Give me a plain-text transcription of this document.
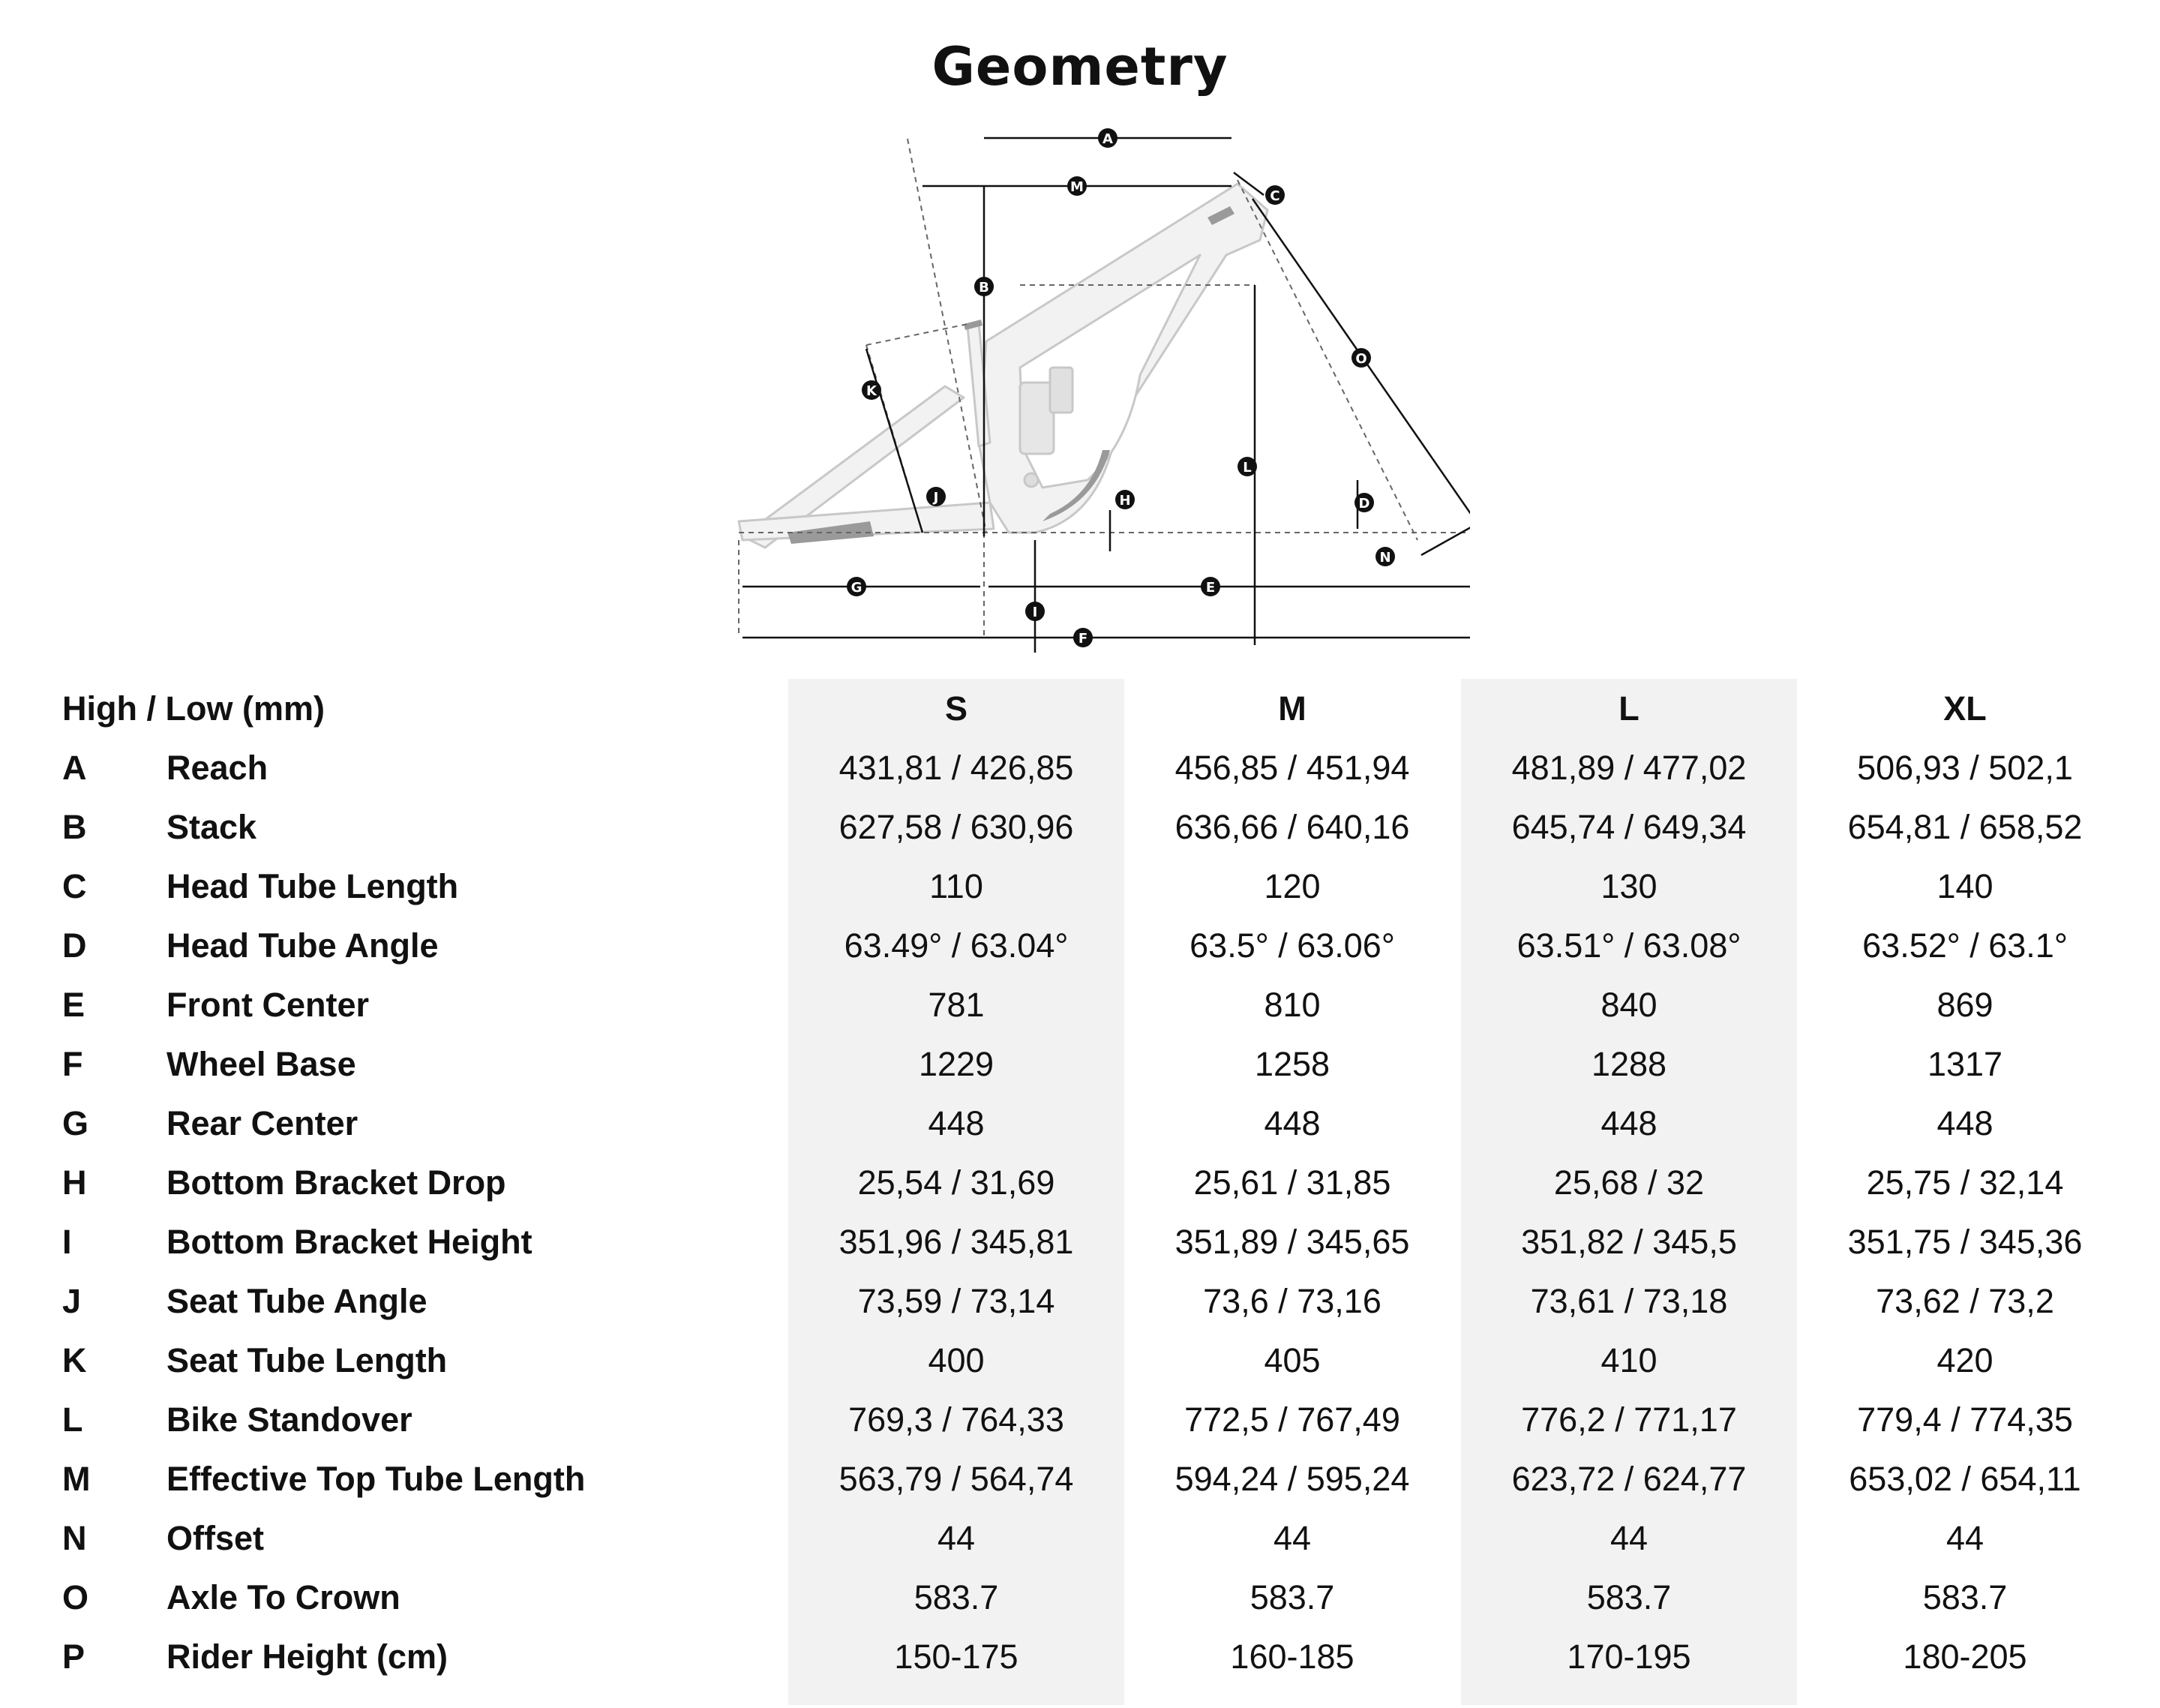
Geometry
A
M
C
B
K
O
L
J	H	D
N
G	E
I
F
High / Low (mm)	S	M	L	XL
A Reach	431,81 / 426,85	456,85 / 451,94	481,89 / 477,02	506,93 / 502,1
B Stack	627,58 / 630,96	636,66 / 640,16	645,74 / 649,34	654,81 / 658,52
C Head Tube Length	110	120	130	140
D Head Tube Angle	63.49° / 63.04°	63.5° / 63.06°	63.51° / 63.08°	63.52° / 63.1°
E Front Center	781	810	840	869
F Wheel Base	1229	1258	1288	1317
G Rear Center	448	448	448	448
H Bottom Bracket Drop	25,54 / 31,69	25,61 / 31,85	25,68 / 32	25,75 / 32,14
I	Bottom Bracket Height	351,96 / 345,81	351,89 / 345,65	351,82 / 345,5	351,75 / 345,36
J	Seat Tube Angle	73,59 / 73,14	73,6 / 73,16	73,61 / 73,18	73,62 / 73,2
K Seat Tube Length	400	405	410	420
L Bike Standover	769,3 / 764,33	772,5 / 767,49	776,2 / 771,17	779,4 / 774,35
M Effective Top Tube Length	563,79 / 564,74	594,24 / 595,24	623,72 / 624,77	653,02 / 654,11
N Offset	44	44	44	44
O Axle To Crown	583.7	583.7	583.7	583.7
P Rider Height (cm)	150-175	160-185	170-195	180-205
